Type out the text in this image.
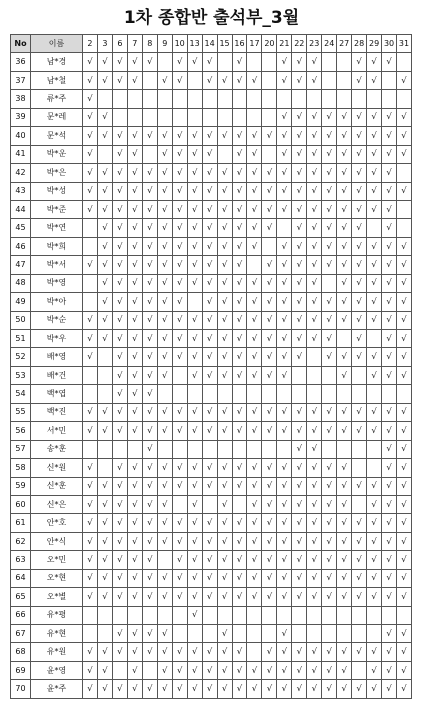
1차 종합반 출석부_3월
No	이름	2	3	6	7	8	9	10	13	14	15	16	17	20	21	22	23	24	27	28	29	30	31
36	남*경	√	√	√	√	√		√	√	√		√			√	√	√			√	√	√	
37	남*철	√	√	√	√		√	√		√	√	√	√		√	√	√			√	√		√
38	류*주	√																					
39	문*레	√	√												√	√	√	√	√	√	√	√	√
40	문*석	√	√	√	√	√	√	√	√	√	√	√	√	√	√	√	√	√	√	√	√	√	√
41	박*운	√		√	√		√	√	√	√		√	√		√	√	√	√	√	√	√	√	√
42	박*은	√	√	√	√	√	√	√	√	√	√	√	√	√	√	√	√	√	√	√	√	√	
43	박*성	√	√	√	√	√	√	√	√	√	√	√	√	√	√	√	√	√	√	√	√	√	√
44	박*준	√	√	√	√	√	√	√	√	√	√	√	√	√	√	√	√	√	√	√	√	√	
45	박*연		√	√	√	√	√	√	√	√	√	√	√	√		√	√	√	√	√		√	
46	박*희		√	√	√	√	√	√	√	√	√	√	√		√	√	√	√	√	√	√	√	√
47	박*서	√	√	√	√	√	√	√	√	√	√	√		√	√	√	√	√	√	√	√	√	√
48	박*영		√	√	√	√	√	√	√	√	√	√	√	√	√	√	√		√	√	√	√	√
49	박*아		√	√	√	√	√	√		√	√	√	√	√	√	√	√	√	√	√	√	√	√
50	박*순	√	√	√	√	√	√	√	√	√	√	√	√	√	√	√	√	√	√	√	√	√	√
51	박*우	√	√	√	√	√	√	√	√	√	√	√	√	√	√	√	√	√		√		√	√
52	배*영	√		√	√	√	√	√	√	√	√	√	√	√	√	√		√	√	√	√	√	√
53	배*건			√	√	√	√		√	√	√	√	√	√	√				√		√	√	√
54	백*엽			√	√	√																	
55	백*진	√	√	√	√	√	√	√	√	√	√	√	√	√	√	√	√	√	√	√	√	√	√
56	서*민	√	√	√	√	√	√	√	√	√	√	√	√	√	√	√	√	√	√	√	√	√	√
57	송*훈					√										√	√					√	√
58	신*원	√		√	√	√	√	√	√	√	√	√	√	√	√	√	√	√	√			√	√
59	신*훈	√	√	√	√	√	√	√	√	√	√	√	√	√	√	√	√	√	√	√	√	√	√
60	신*은	√	√	√	√	√	√		√		√		√	√	√	√	√	√	√		√	√	√
61	안*호	√	√	√	√	√	√	√	√	√	√	√	√	√	√	√	√	√	√	√	√	√	√
62	안*식	√	√	√	√	√	√	√	√	√	√	√	√	√	√	√	√	√	√	√	√	√	√
63	오*민	√	√	√	√	√		√	√	√	√	√	√	√	√	√	√	√	√	√	√	√	√
64	오*현	√	√	√	√	√	√	√	√	√	√	√	√	√	√	√	√	√	√	√	√	√	√
65	오*별	√	√	√	√	√	√	√	√	√	√	√	√	√	√	√	√	√	√	√	√	√	√
66	유*평								√														
67	유*현			√	√	√	√				√				√							√	√
68	유*원	√	√	√	√	√	√	√	√	√	√	√		√	√	√	√	√	√	√	√	√	√
69	윤*영	√	√		√		√	√	√	√	√	√	√	√	√	√	√	√	√		√	√	√
70	윤*주	√	√	√	√	√	√	√	√	√	√	√	√	√	√	√	√	√	√	√	√	√	√
